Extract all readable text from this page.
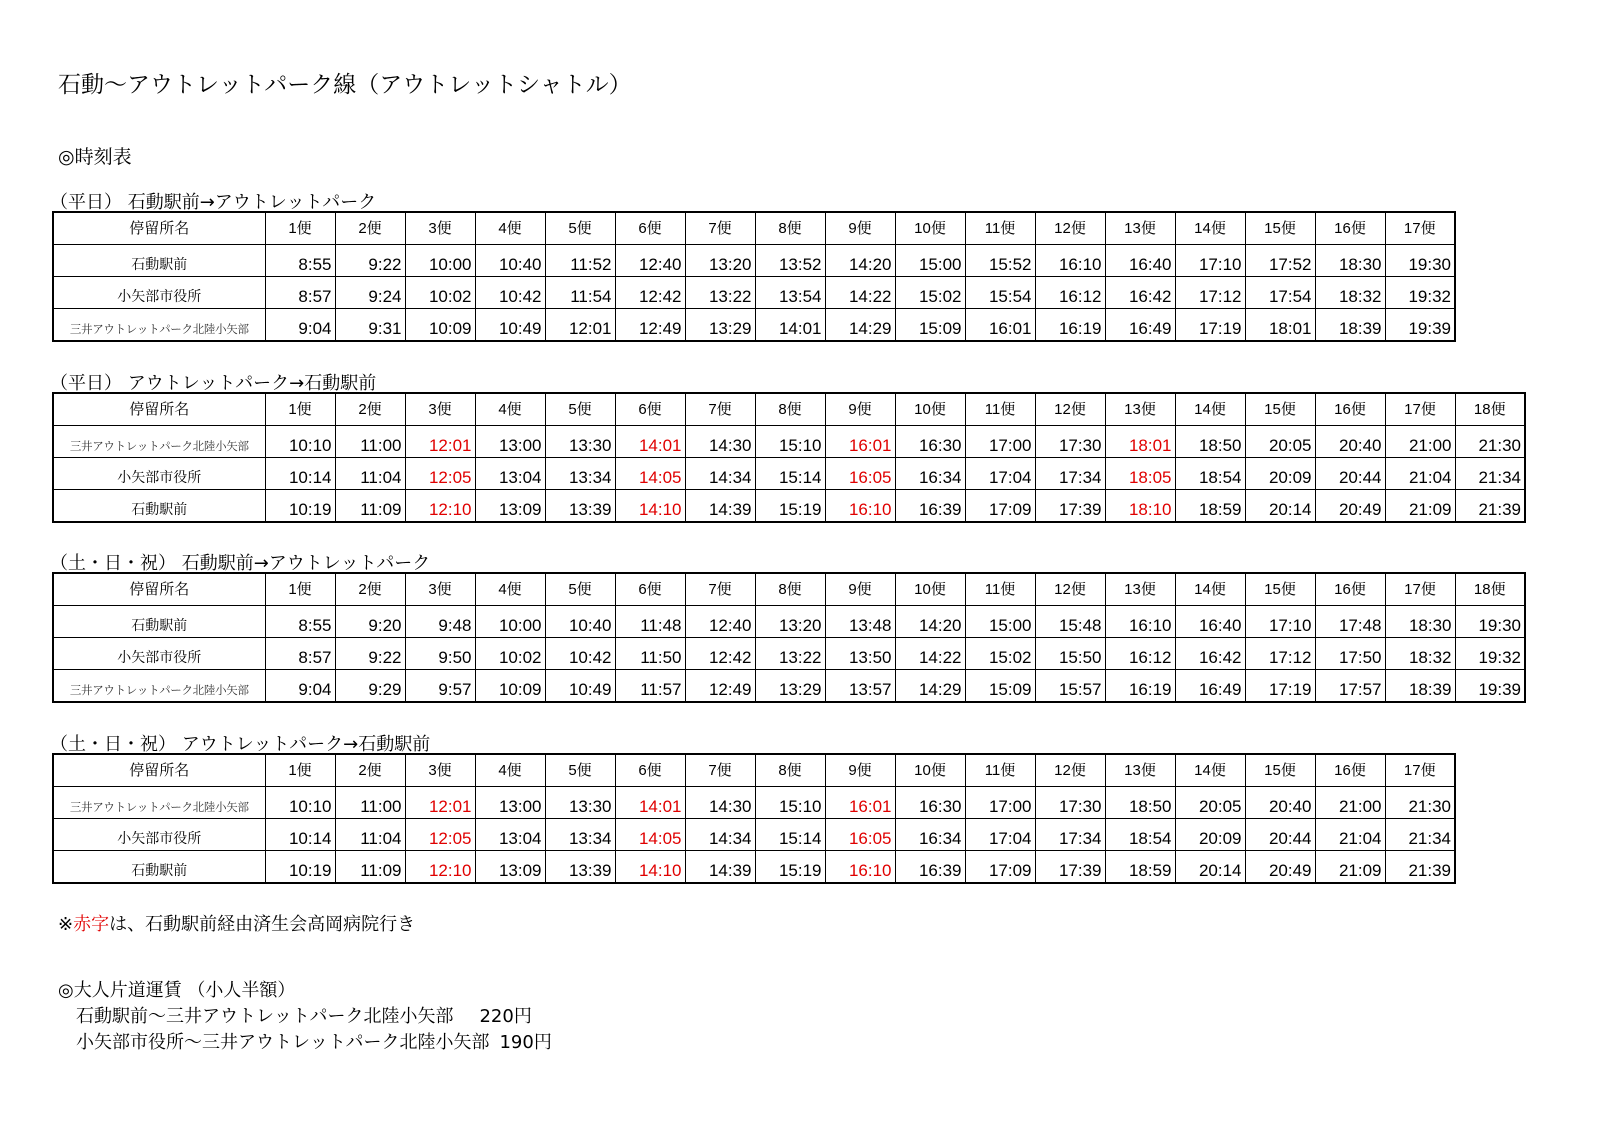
石動～アウトレットパーク線（アウトレットシャトル）
◎時刻表
（平日） 石動駅前→アウトレットパーク
停留所名	1便	2便	3便	4便	5便	6便	7便	8便	9便	10便	11便	12便	13便	14便	15便	16便	17便
石動駅前	8:55	9:22	10:00	10:40	11:52	12:40	13:20	13:52	14:20	15:00	15:52	16:10	16:40	17:10	17:52	18:30	19:30
小矢部市役所	8:57	9:24	10:02	10:42	11:54	12:42	13:22	13:54	14:22	15:02	15:54	16:12	16:42	17:12	17:54	18:32	19:32
三井アウトレットパーク北陸小矢部	9:04	9:31	10:09	10:49	12:01	12:49	13:29	14:01	14:29	15:09	16:01	16:19	16:49	17:19	18:01	18:39	19:39
（平日） アウトレットパーク→石動駅前
停留所名	1便	2便	3便	4便	5便	6便	7便	8便	9便	10便	11便	12便	13便	14便	15便	16便	17便	18便
三井アウトレットパーク北陸小矢部	10:10	11:00	12:01	13:00	13:30	14:01	14:30	15:10	16:01	16:30	17:00	17:30	18:01	18:50	20:05	20:40	21:00	21:30
小矢部市役所	10:14	11:04	12:05	13:04	13:34	14:05	14:34	15:14	16:05	16:34	17:04	17:34	18:05	18:54	20:09	20:44	21:04	21:34
石動駅前	10:19	11:09	12:10	13:09	13:39	14:10	14:39	15:19	16:10	16:39	17:09	17:39	18:10	18:59	20:14	20:49	21:09	21:39
（土・日・祝） 石動駅前→アウトレットパーク
停留所名	1便	2便	3便	4便	5便	6便	7便	8便	9便	10便	11便	12便	13便	14便	15便	16便	17便	18便
石動駅前	8:55	9:20	9:48	10:00	10:40	11:48	12:40	13:20	13:48	14:20	15:00	15:48	16:10	16:40	17:10	17:48	18:30	19:30
小矢部市役所	8:57	9:22	9:50	10:02	10:42	11:50	12:42	13:22	13:50	14:22	15:02	15:50	16:12	16:42	17:12	17:50	18:32	19:32
三井アウトレットパーク北陸小矢部	9:04	9:29	9:57	10:09	10:49	11:57	12:49	13:29	13:57	14:29	15:09	15:57	16:19	16:49	17:19	17:57	18:39	19:39
（土・日・祝） アウトレットパーク→石動駅前
停留所名	1便	2便	3便	4便	5便	6便	7便	8便	9便	10便	11便	12便	13便	14便	15便	16便	17便
三井アウトレットパーク北陸小矢部	10:10	11:00	12:01	13:00	13:30	14:01	14:30	15:10	16:01	16:30	17:00	17:30	18:50	20:05	20:40	21:00	21:30
小矢部市役所	10:14	11:04	12:05	13:04	13:34	14:05	14:34	15:14	16:05	16:34	17:04	17:34	18:54	20:09	20:44	21:04	21:34
石動駅前	10:19	11:09	12:10	13:09	13:39	14:10	14:39	15:19	16:10	16:39	17:09	17:39	18:59	20:14	20:49	21:09	21:39
※赤字は、石動駅前経由済生会高岡病院行き
◎大人片道運賃 （小人半額）
石動駅前～三井アウトレットパーク北陸小矢部 220円
小矢部市役所～三井アウトレットパーク北陸小矢部 190円
